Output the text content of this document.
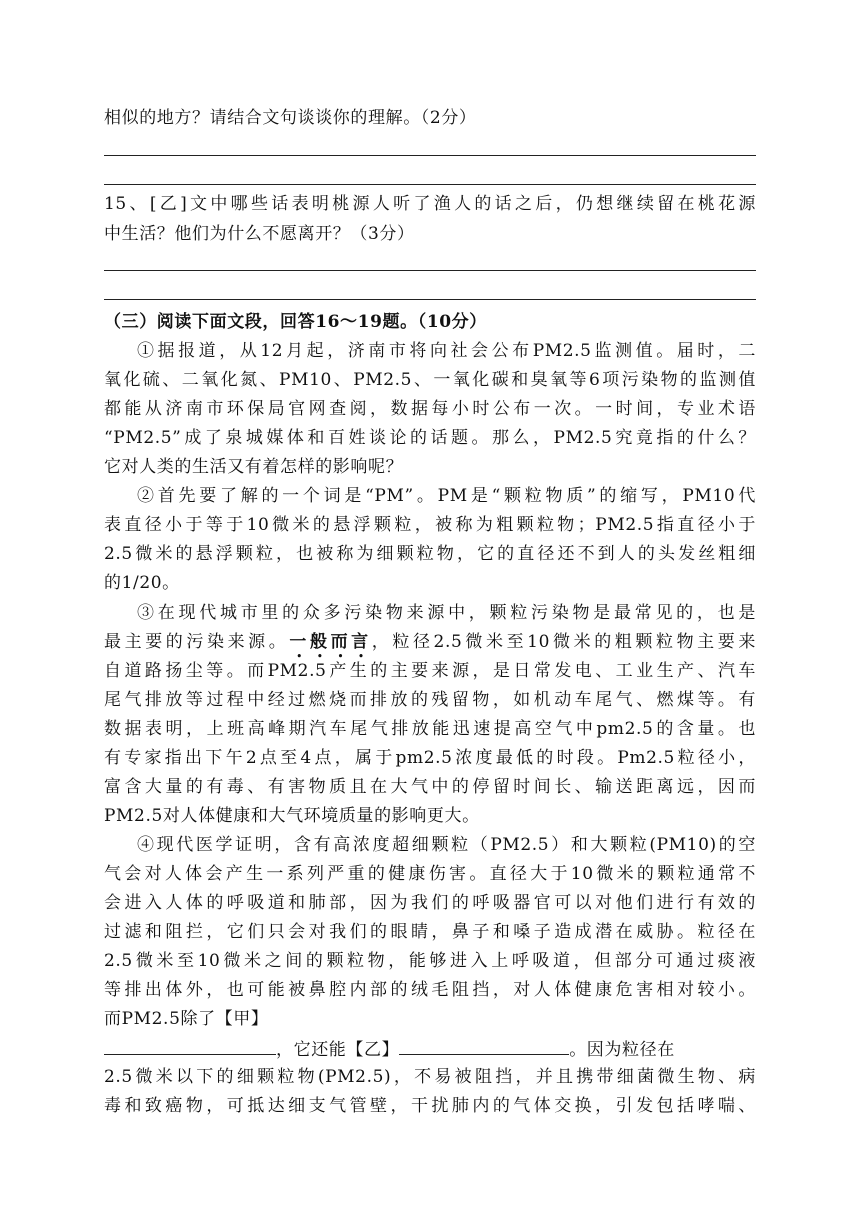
相似的地方？请结合文句谈谈你的理解。（2分）
15、[乙]文中哪些话表明桃源人听了渔人的话之后，仍想继续留在桃花源
中生活？他们为什么不愿离开？（3分）
（三）阅读下面文段，回答16～19题。（10分）
①据报道，从12月起，济南市将向社会公布PM2.5监测值。届时，二
氧化硫、二氧化氮、PM10、PM2.5、一氧化碳和臭氧等6项污染物的监测值
都能从济南市环保局官网查阅，数据每小时公布一次。一时间，专业术语
“PM2.5”成了泉城媒体和百姓谈论的话题。那么，PM2.5究竟指的什么？
它对人类的生活又有着怎样的影响呢？
②首先要了解的一个词是“PM”。PM是“颗粒物质”的缩写，PM10代
表直径小于等于10微米的悬浮颗粒，被称为粗颗粒物；PM2.5指直径小于
2.5微米的悬浮颗粒，也被称为细颗粒物，它的直径还不到人的头发丝粗细
的1/20。
③在现代城市里的众多污染物来源中，颗粒污染物是最常见的，也是
最主要的污染来源。一般而言，粒径2.5微米至10微米的粗颗粒物主要来
自道路扬尘等。而PM2.5产生的主要来源，是日常发电、工业生产、汽车
尾气排放等过程中经过燃烧而排放的残留物，如机动车尾气、燃煤等。有
数据表明，上班高峰期汽车尾气排放能迅速提高空气中pm2.5的含量。也
有专家指出下午2点至4点，属于pm2.5浓度最低的时段。Pm2.5粒径小，
富含大量的有毒、有害物质且在大气中的停留时间长、输送距离远，因而
PM2.5对人体健康和大气环境质量的影响更大。
④现代医学证明，含有高浓度超细颗粒（PM2.5）和大颗粒(PM10)的空
气会对人体会产生一系列严重的健康伤害。直径大于10微米的颗粒通常不
会进入人体的呼吸道和肺部，因为我们的呼吸器官可以对他们进行有效的
过滤和阻拦，它们只会对我们的眼睛，鼻子和嗓子造成潜在威胁。粒径在
2.5微米至10微米之间的颗粒物，能够进入上呼吸道，但部分可通过痰液
等排出体外，也可能被鼻腔内部的绒毛阻挡，对人体健康危害相对较小。
而PM2.5除了【甲】
，它还能【乙】	。因为粒径在
2.5微米以下的细颗粒物(PM2.5)，不易被阻挡，并且携带细菌微生物、病
毒和致癌物，可抵达细支气管壁，干扰肺内的气体交换，引发包括哮喘、
